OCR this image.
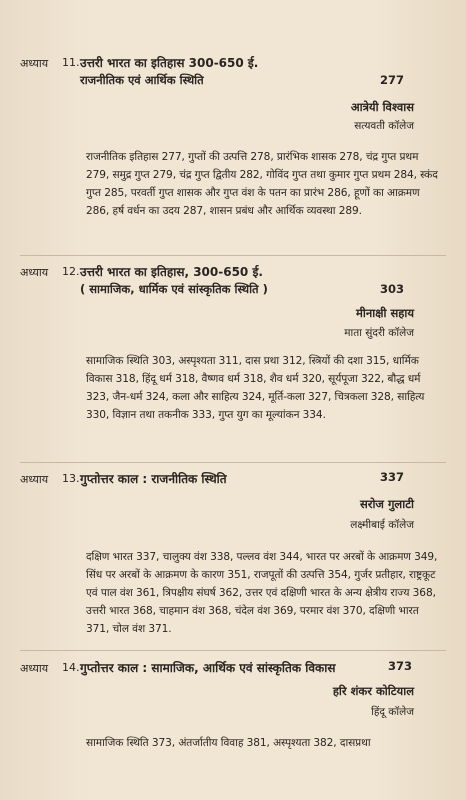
अध्याय 11. उत्तरी भारत का इतिहास 300-650 ई.
राजनीतिक एवं आर्थिक स्थिति	277
आत्रेयी विश्वास
सत्यवती कॉलेज
राजनीतिक इतिहास 277, गुप्तों की उत्पत्ति 278, प्रारंभिक शासक 278, चंद्र गुप्त प्रथम 279, समुद्र गुप्त 279, चंद्र गुप्त द्वितीय 282, गोविंद गुप्त तथा कुमार गुप्त प्रथम 284, स्कंद गुप्त 285, परवर्ती गुप्त शासक और गुप्त वंश के पतन का प्रारंभ 286, हूणों का आक्रमण 286, हर्ष वर्धन का उदय 287, शासन प्रबंध और आर्थिक व्यवस्था 289.
अध्याय 12. उत्तरी भारत का इतिहास, 300-650 ई.
( सामाजिक, धार्मिक एवं सांस्कृतिक स्थिति )	303
मीनाक्षी सहाय
माता सुंदरी कॉलेज
सामाजिक स्थिति 303, अस्पृश्यता 311, दास प्रथा 312, स्त्रियों की दशा 315, धार्मिक विकास 318, हिंदू धर्म 318, वैष्णव धर्म 318, शैव धर्म 320, सूर्यपूजा 322, बौद्ध धर्म 323, जैन-धर्म 324, कला और साहित्य 324, मूर्ति-कला 327, चित्रकला 328, साहित्य 330, विज्ञान तथा तकनीक 333, गुप्त युग का मूल्यांकन 334.
अध्याय 13. गुप्तोत्तर काल : राजनीतिक स्थिति	337
सरोज गुलाटी
लक्ष्मीबाई कॉलेज
दक्षिण भारत 337, चालुक्य वंश 338, पल्लव वंश 344, भारत पर अरबों के आक्रमण 349, सिंध पर अरबों के आक्रमण के कारण 351, राजपूतों की उत्पत्ति 354, गुर्जर प्रतीहार, राष्ट्रकूट एवं पाल वंश 361, त्रिपक्षीय संघर्ष 362, उत्तर एवं दक्षिणी भारत के अन्य क्षेत्रीय राज्य 368, उत्तरी भारत 368, चाहमान वंश 368, चंदेल वंश 369, परमार वंश 370, दक्षिणी भारत 371, चोल वंश 371.
अध्याय 14. गुप्तोत्तर काल : सामाजिक, आर्थिक एवं सांस्कृतिक विकास	373
हरि शंकर कोटियाल
हिंदू कॉलेज
सामाजिक स्थिति 373, अंतर्जातीय विवाह 381, अस्पृश्यता 382, दासप्रथा
